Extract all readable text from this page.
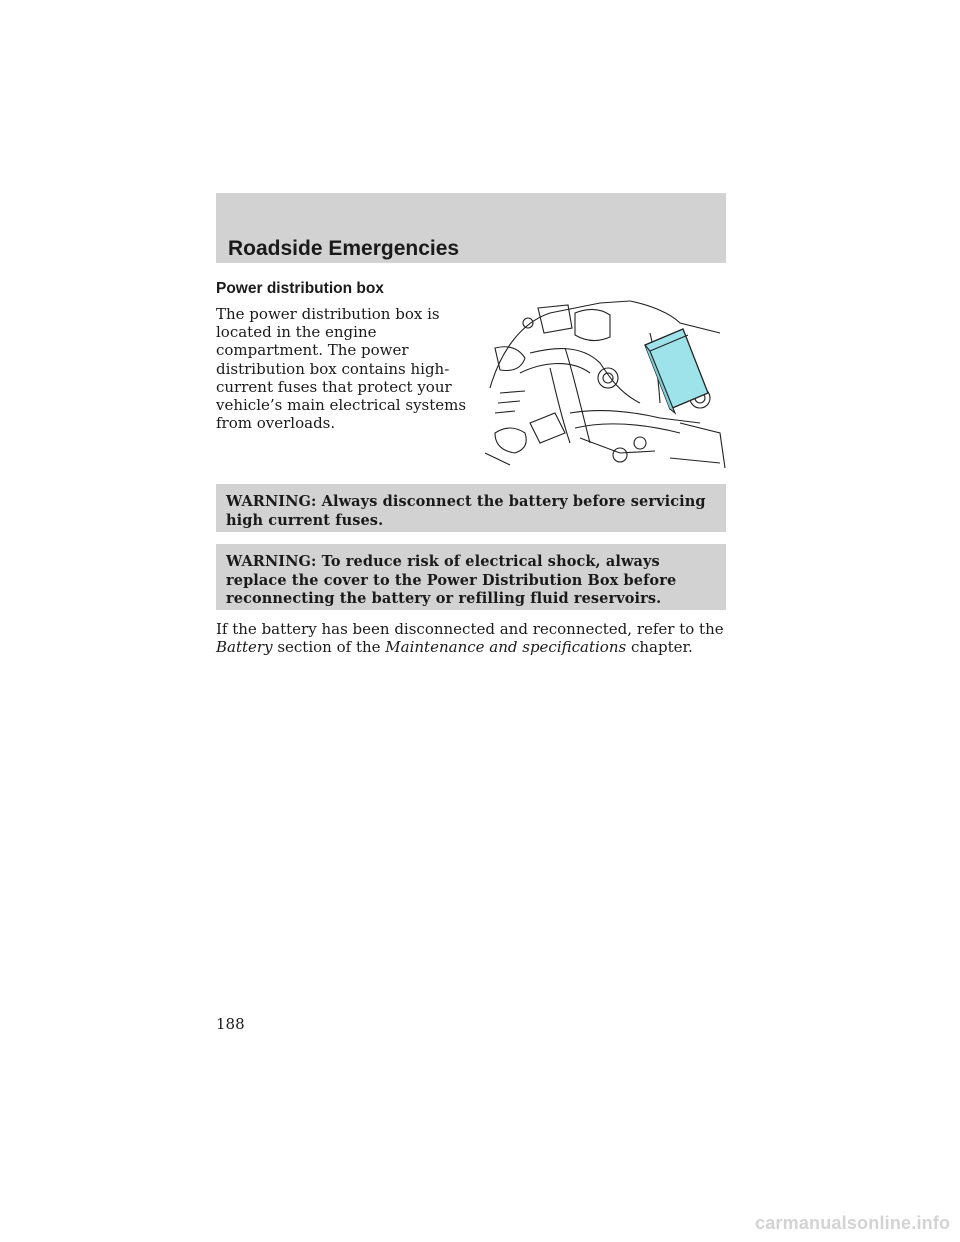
Roadside Emergencies
Power distribution box
The power distribution box is located in the engine compartment. The power distribution box contains high-current fuses that protect your vehicle’s main electrical systems from overloads.
WARNING: Always disconnect the battery before servicing high current fuses.
WARNING: To reduce risk of electrical shock, always replace the cover to the Power Distribution Box before reconnecting the battery or refilling fluid reservoirs.
If the battery has been disconnected and reconnected, refer to the Battery section of the Maintenance and specifications chapter.
188
carmanualsonline.info
